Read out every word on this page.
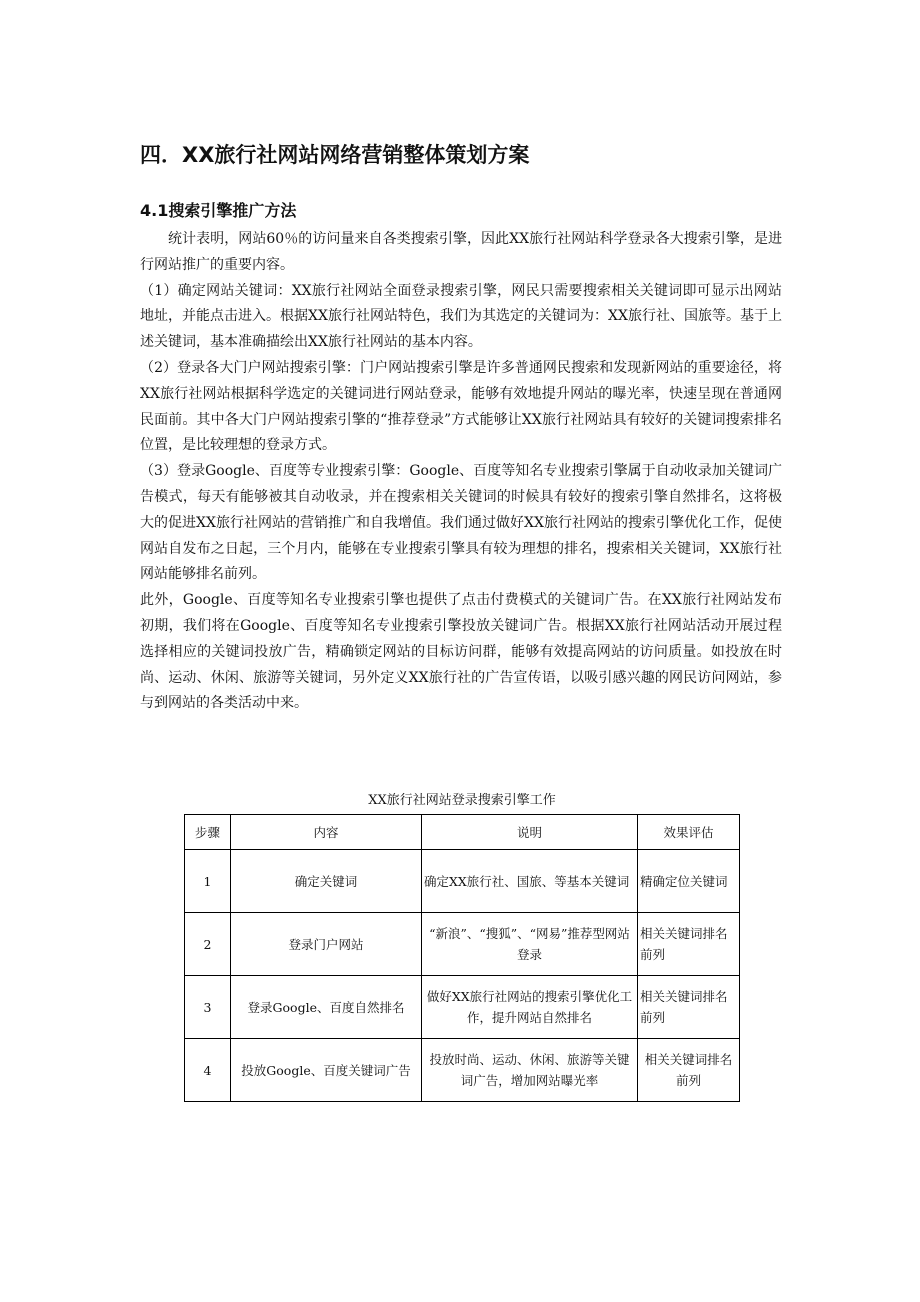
四．XX旅行社网站网络营销整体策划方案
4.1搜索引擎推广方法

统计表明，网站60％的访问量来自各类搜索引擎，因此XX旅行社网站科学登录各大搜索引擎，是进行网站推广的重要内容。

（1）确定网站关键词：XX旅行社网站全面登录搜索引擎，网民只需要搜索相关关键词即可显示出网站地址，并能点击进入。根据XX旅行社网站特色，我们为其选定的关键词为：XX旅行社、国旅等。基于上述关键词，基本准确描绘出XX旅行社网站的基本内容。

（2）登录各大门户网站搜索引擎：门户网站搜索引擎是许多普通网民搜索和发现新网站的重要途径，将XX旅行社网站根据科学选定的关键词进行网站登录，能够有效地提升网站的曝光率，快速呈现在普通网民面前。其中各大门户网站搜索引擎的“推荐登录”方式能够让XX旅行社网站具有较好的关键词搜索排名位置，是比较理想的登录方式。

（3）登录Google、百度等专业搜索引擎：Google、百度等知名专业搜索引擎属于自动收录加关键词广告模式，每天有能够被其自动收录，并在搜索相关关键词的时候具有较好的搜索引擎自然排名，这将极大的促进XX旅行社网站的营销推广和自我增值。我们通过做好XX旅行社网站的搜索引擎优化工作，促使网站自发布之日起，三个月内，能够在专业搜索引擎具有较为理想的排名，搜索相关关键词，XX旅行社网站能够排名前列。

此外，Google、百度等知名专业搜索引擎也提供了点击付费模式的关键词广告。在XX旅行社网站发布初期，我们将在Google、百度等知名专业搜索引擎投放关键词广告。根据XX旅行社网站活动开展过程选择相应的关键词投放广告，精确锁定网站的目标访问群，能够有效提高网站的访问质量。如投放在时尚、运动、休闲、旅游等关键词，另外定义XX旅行社的广告宣传语，以吸引感兴趣的网民访问网站，参与到网站的各类活动中来。

XX旅行社网站登录搜索引擎工作
步骤	内容	说明	效果评估
1	确定关键词	确定XX旅行社、国旅、等基本关键词	精确定位关键词
2	登录门户网站	“新浪”、“搜狐”、“网易”推荐型网站登录	相关关键词排名前列
3	登录Google、百度自然排名	做好XX旅行社网站的搜索引擎优化工作，提升网站自然排名	相关关键词排名前列
4	投放Google、百度关键词广告	投放时尚、运动、休闲、旅游等关键词广告，增加网站曝光率	相关关键词排名前列
